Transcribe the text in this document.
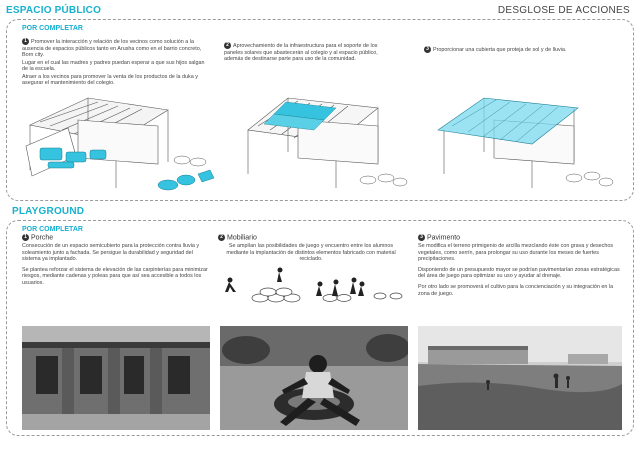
ESPACIO PÚBLICO	DESGLOSE DE ACCIONES
POR COMPLETAR

1 Promover la interacción y relación de los vecinos como solución a la ausencia de espacios públicos tanto en Arusha como en el barrio concreto, Born city.

Lugar en el cual las madres y padres puedan esperar a que sus hijos salgan de la escuela.

Atraer a los vecinos para promover la venta de los productos de la duka y asegurar el mantenimiento del colegio.

2 Aprovechamiento de la infraestructura para el soporte de los paneles solares que abastecerán al colegio y al espacio público, además de destinarse parte para uso de la comunidad.
3 Proporcionar una cubierta que proteja de sol y de lluvia.
PLAYGROUND
POR COMPLETAR
1 Porche

Consecución de un espacio semicubierto para la protección contra lluvia y soleamiento junto a fachada. Se persigue la durabilidad y seguridad del sistema ya implantado.

Se plantea reforzar el sistema de elevación de las carpinterías para minimizar riesgos, mediante cadenas y poleas para que así sea accesible a todos los usuarios.

2 Mobiliario
Se amplían las posibilidades de juego y encuentro entre los alumnos mediante la implantación de distintos elementos fabricado con material reciclado.
3 Pavimento

Se modifica el terreno primigenio de arcilla mezclando éste con grava y desechos vegetales, como serrín, para prolongar su uso durante los meses de fuertes precipitaciones.

Disponiendo de un presupuesto mayor se podrían pavimentarían zonas estratégicas del área de juego para optimizar su uso y ayudar al drenaje.

Por otro lado se promoverá el cultivo para la concienciación y su integración en la zona de juego.
